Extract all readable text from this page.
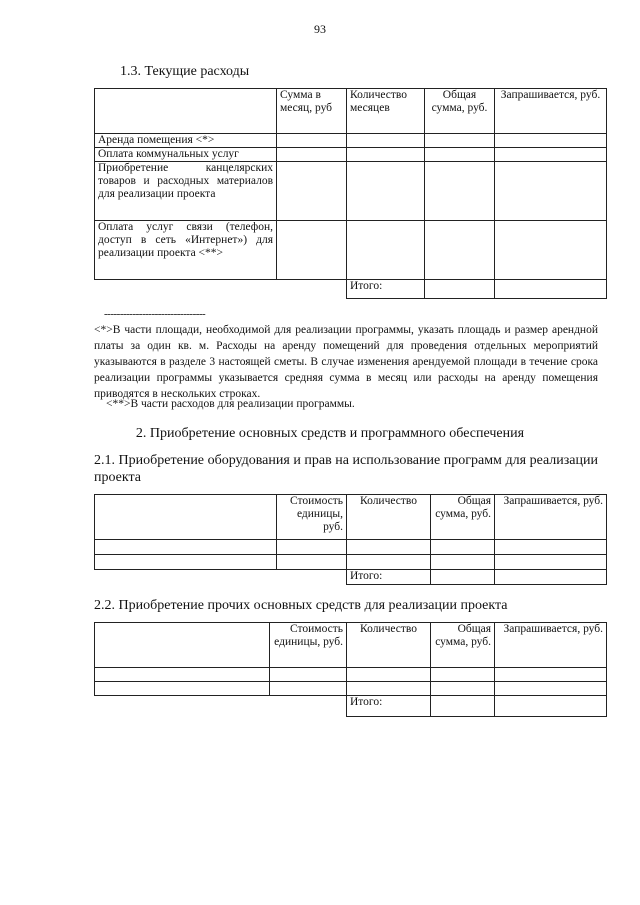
93
1.3. Текущие расходы
	Сумма в месяц, руб	Количество месяцев	Общая сумма, руб.	Запрашивается, руб.
Аренда помещения <*>				
Оплата коммунальных услуг				
Приобретение канцелярских товаров и расходных материалов для реализации проекта				
Оплата услуг связи (телефон, доступ в сеть «Интернет») для реализации проекта <**>				
		Итого:		
--------------------------------
<*>В части площади, необходимой для реализации программы, указать площадь и размер арендной платы за один кв. м. Расходы на аренду помещений для проведения отдельных мероприятий указываются в разделе 3 настоящей сметы. В случае изменения арендуемой площади в течение срока реализации программы указывается средняя сумма в месяц или расходы на аренду помещения приводятся в нескольких строках.
<**>В части расходов для реализации программы.
2. Приобретение основных средств и программного обеспечения
2.1. Приобретение оборудования и прав на использование программ для реализации проекта
	Стоимость единицы, руб.	Количество	Общая сумма, руб.	Запрашивается, руб.

		Итого:		
2.2. Приобретение прочих основных средств для реализации проекта
	Стоимость единицы, руб.	Количество	Общая сумма, руб.	Запрашивается, руб.

		Итого:		
